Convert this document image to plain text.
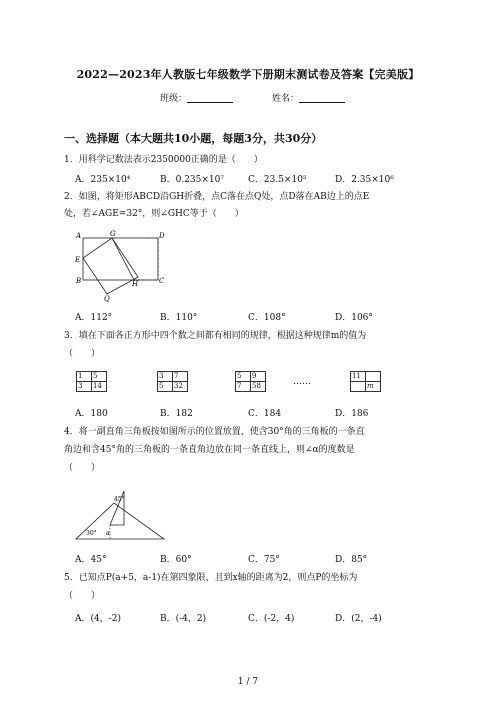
2022—2023年人教版七年级数学下册期末测试卷及答案【完美版】
班级：	姓名：
一、选择题（本大题共10小题，每题3分，共30分）
1．用科学记数法表示2350000正确的是（　　）
A．235×10⁴	B．0.235×10⁷	C．23.5×10⁵	D．2.35×10⁶
2．如图，将矩形ABCD沿GH折叠，点C落在点Q处，点D落在AB边上的点E
处，若∠AGE=32°，则∠GHC等于（　　）
A	G	D
E
B	H	C
Q
A．112°	B．110°	C．108°	D．106°
3．填在下面各正方形中四个数之间都有相同的规律，根据这种规律m的值为
（　　）
1	5
3	14
3	7
5	32
5	9
7	58	……
11	
	m
A．180	B．182	C．184	D．186
4．将一副直角三角板按如图所示的位置放置，使含30°角的三角板的一条直
角边和含45°角的三角板的一条直角边放在同一条直线上，则∠α的度数是
（　　）
45°
30° α
A．45°	B．60°	C．75°	D．85°
5．已知点P(a+5，a-1)在第四象限，且到x轴的距离为2，则点P的坐标为
（　　）
A．(4，-2)	B．(-4，2)	C．(-2，4)	D．(2，-4)
1 / 7
